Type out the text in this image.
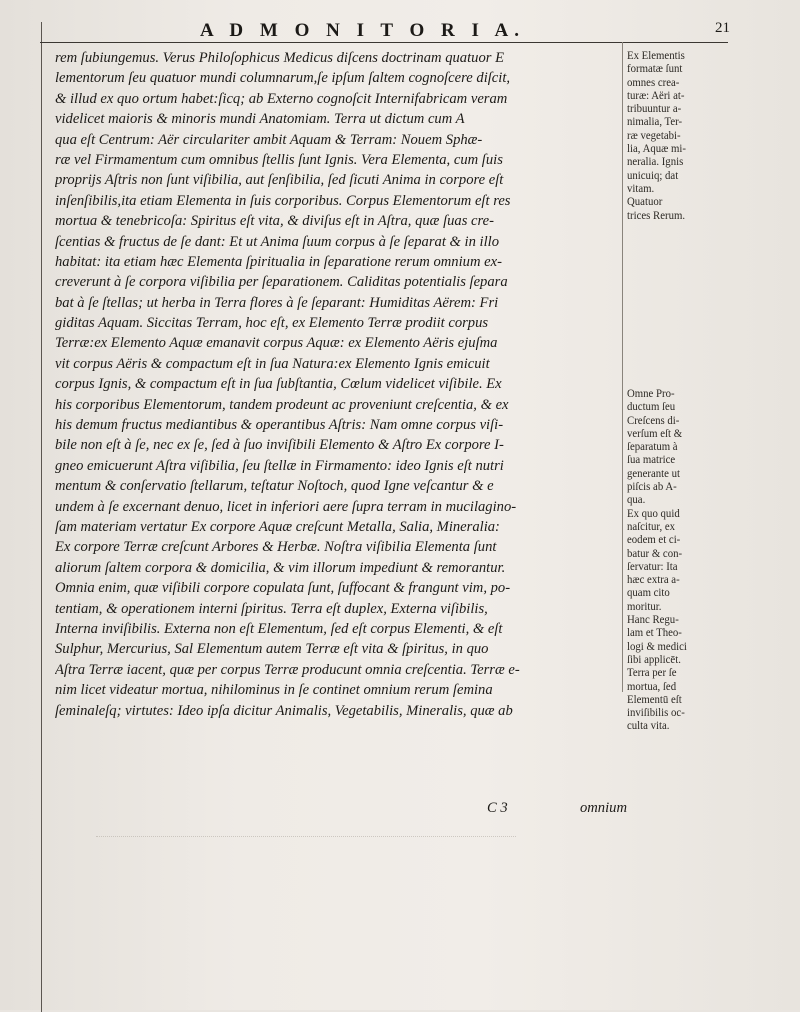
A D M O N I T O R I A.	21
rem ſubiungemus. Verus Philoſophicus Medicus diſcens doctrinam quatuor E
lementorum ſeu quatuor mundi columnarum,ſe ipſum ſaltem cognoſcere diſcit,
& illud ex quo ortum habet:ſicq; ab Externo cognoſcit Internifabricam veram
videlicet maioris & minoris mundi Anatomiam. Terra ut dictum cum A
qua eſt Centrum: Aër circulariter ambit Aquam & Terram: Nouem Sphæ-
ræ vel Firmamentum cum omnibus ſtellis ſunt Ignis. Vera Elementa, cum ſuis
proprijs Aſtris non ſunt viſibilia, aut ſenſibilia, ſed ſicuti Anima in corpore eſt
inſenſibilis,ita etiam Elementa in ſuis corporibus. Corpus Elementorum eſt res
mortua & tenebricoſa: Spiritus eſt vita, & diviſus eſt in Aſtra, quæ ſuas cre-
ſcentias & fructus de ſe dant: Et ut Anima ſuum corpus à ſe ſeparat & in illo
habitat: ita etiam hæc Elementa ſpiritualia in ſeparatione rerum omnium ex-
creverunt à ſe corpora viſibilia per ſeparationem. Caliditas potentialis ſepara
bat à ſe ſtellas; ut herba in Terra flores à ſe ſeparant: Humiditas Aërem: Fri
giditas Aquam. Siccitas Terram, hoc eſt, ex Elemento Terræ prodiit corpus
Terræ:ex Elemento Aquæ emanavit corpus Aquæ: ex Elemento Aëris ejuſma
vit corpus Aëris & compactum eſt in ſua Natura:ex Elemento Ignis emicuit
corpus Ignis, & compactum eſt in ſua ſubſtantia, Cœlum videlicet viſibile. Ex
his corporibus Elementorum, tandem prodeunt ac proveniunt creſcentia, & ex
his demum fructus mediantibus & operantibus Aſtris: Nam omne corpus viſi-
bile non eſt à ſe, nec ex ſe, ſed à ſuo inviſibili Elemento & Aſtro Ex corpore I-
gneo emicuerunt Aſtra viſibilia, ſeu ſtellæ in Firmamento: ideo Ignis eſt nutri
mentum & conſervatio ſtellarum, teſtatur Noſtoch, quod Igne veſcantur & e
undem à ſe excernant denuo, licet in inferiori aere ſupra terram in mucilagino-
ſam materiam vertatur Ex corpore Aquæ creſcunt Metalla, Salia, Mineralia:
Ex corpore Terræ creſcunt Arbores & Herbæ. Noſtra viſibilia Elementa ſunt
aliorum ſaltem corpora & domicilia, & vim illorum impediunt & remorantur.
Omnia enim, quæ viſibili corpore copulata ſunt, ſuffocant & frangunt vim, po-
tentiam, & operationem interni ſpiritus. Terra eſt duplex, Externa viſibilis,
Interna inviſibilis. Externa non eſt Elementum, ſed eſt corpus Elementi, & eſt
Sulphur, Mercurius, Sal Elementum autem Terræ eſt vita & ſpiritus, in quo
Aſtra Terræ iacent, quæ per corpus Terræ producunt omnia creſcentia. Terræ e-
nim licet videatur mortua, nihilominus in ſe continet omnium rerum ſemina
ſeminaleſq; virtutes: Ideo ipſa dicitur Animalis, Vegetabilis, Mineralis, quæ ab
Ex Elementis
formatæ ſunt
omnes crea-
turæ: Aëri at-
tribuuntur a-
nimalia, Ter-
ræ vegetabi-
lia, Aquæ mi-
neralia. Ignis
unicuiq; dat
vitam.
Quatuor
trices Rerum.
Omne Pro-
ductum ſeu
Creſcens di-
verſum eſt &
ſeparatum à
ſua matrice
generante ut
piſcis ab A-
qua.
Ex quo quid
naſcitur, ex
eodem et ci-
batur & con-
ſervatur: Ita
hæc extra a-
quam cito
moritur.
Hanc Regu-
lam et Theo-
logi & medici
ſibi applicēt.
Terra per ſe
mortua, ſed
Elementū eſt
inviſibilis oc-
culta vita.
C 3	omnium
